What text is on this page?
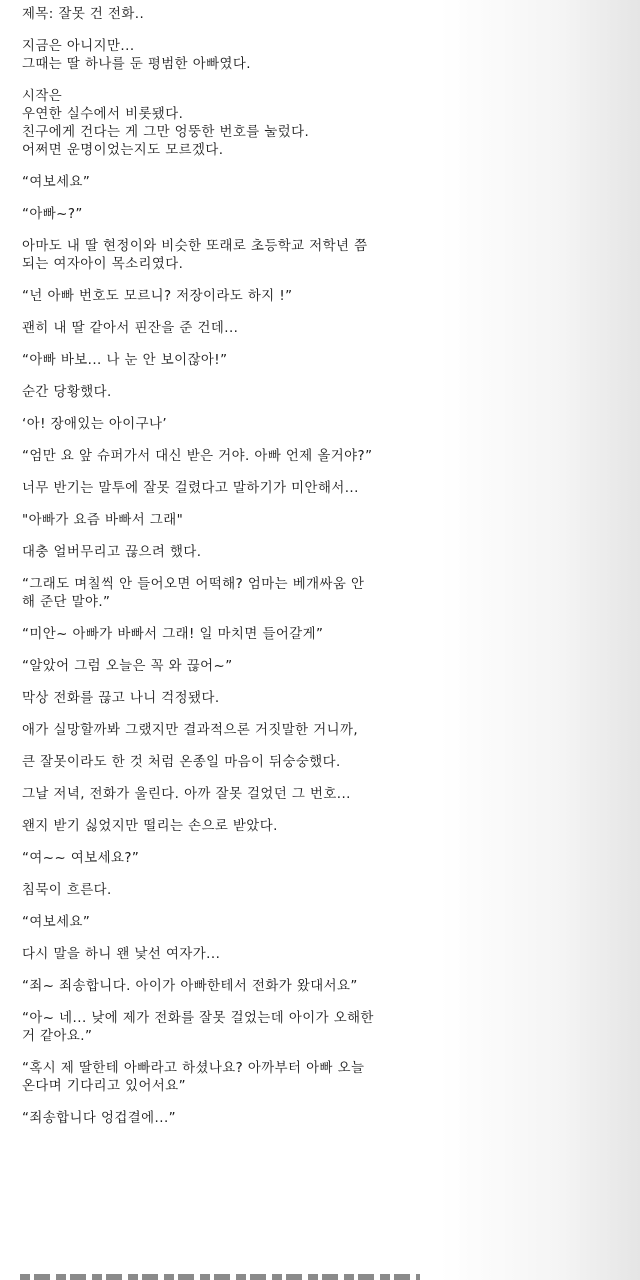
제목: 잘못 건 전화..
지금은 아니지만...
그때는 딸 하나를 둔 평범한 아빠였다.
시작은
우연한 실수에서 비롯됐다.
친구에게 건다는 게 그만 엉뚱한 번호를 눌렀다.
어쩌면 운명이었는지도 모르겠다.
“여보세요”
“아빠~?”
아마도 내 딸 현정이와 비슷한 또래로 초등학교 저학년 쯤
되는 여자아이 목소리였다.
“넌 아빠 번호도 모르니? 저장이라도 하지 !”
괜히 내 딸 같아서 핀잔을 준 건데...
“아빠 바보... 나 눈 안 보이잖아!”
순간 당황했다.
‘아! 장애있는 아이구나’
“엄만 요 앞 슈퍼가서 대신 받은 거야. 아빠 언제 올거야?”
너무 반기는 말투에 잘못 걸렸다고 말하기가 미안해서...
"아빠가 요즘 바빠서 그래"
대충 얼버무리고 끊으려 했다.
“그래도 며칠씩 안 들어오면 어떡해? 엄마는 베개싸움 안
해 준단 말야.”
“미안~ 아빠가 바빠서 그래! 일 마치면 들어갈게”
“알았어 그럼 오늘은 꼭 와 끊어~”
막상 전화를 끊고 나니 걱정됐다.
애가 실망할까봐 그랬지만 결과적으론 거짓말한 거니까,
큰 잘못이라도 한 것 처럼 온종일 마음이 뒤숭숭했다.
그날 저녁, 전화가 울린다. 아까 잘못 걸었던 그 번호...
왠지 받기 싫었지만 떨리는 손으로 받았다.
“여~~ 여보세요?”
침묵이 흐른다.
“여보세요”
다시 말을 하니 왠 낯선 여자가...
“죄~ 죄송합니다. 아이가 아빠한테서 전화가 왔대서요”
“아~ 네... 낮에 제가 전화를 잘못 걸었는데 아이가 오해한
거 같아요.”
“혹시 제 딸한테 아빠라고 하셨나요? 아까부터 아빠 오늘
온다며 기다리고 있어서요”
“죄송합니다 엉겁결에...”
